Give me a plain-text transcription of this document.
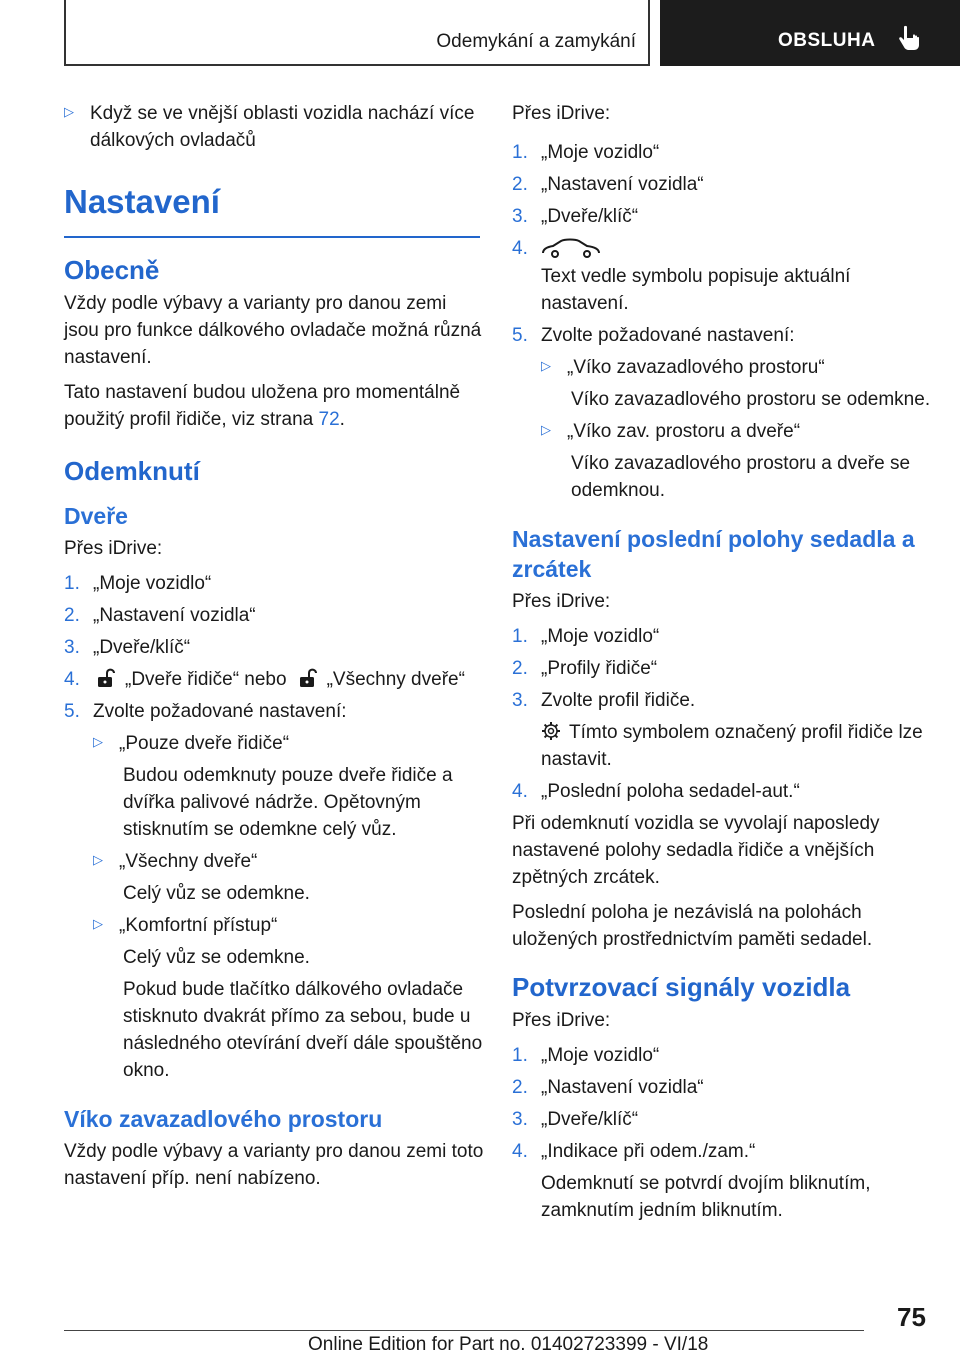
Odemykání a zamykání	OBSLUHA
▷ Když se ve vnější oblasti vozidla nachází více dálkových ovladačů
Nastavení
Obecně

Vždy podle výbavy a varianty pro danou zemi jsou pro funkce dálkového ovladače možná různá nastavení.

Tato nastavení budou uložena pro momentálně použitý profil řidiče, viz strana 72.

Odemknutí
Dveře

Přes iDrive:

1. „Moje vozidlo“
2. „Nastavení vozidla“
3. „Dveře/klíč“
4.	„Dveře řidiče“ nebo „Všechny dveře“
5. Zvolte požadované nastavení:
▷ „Pouze dveře řidiče“
Budou odemknuty pouze dveře řidiče a dvířka palivové nádrže. Opětovným stisknutím se odemkne celý vůz.
▷ „Všechny dveře“
Celý vůz se odemkne.
▷ „Komfortní přístup“
Celý vůz se odemkne.
Pokud bude tlačítko dálkového ovladače stisknuto dvakrát přímo za sebou, bude u následného otevírání dveří dále spouštěno okno.
Víko zavazadlového prostoru

Vždy podle výbavy a varianty pro danou zemi toto nastavení příp. není nabízeno.

Přes iDrive:

1. „Moje vozidlo“
2. „Nastavení vozidla“
3. „Dveře/klíč“
4.

Text vedle symbolu popisuje aktuální nastavení.
5. Zvolte požadované nastavení:
▷ „Víko zavazadlového prostoru“
Víko zavazadlového prostoru se odemkne.
▷ „Víko zav. prostoru a dveře“
Víko zavazadlového prostoru a dveře se odemknou.
Nastavení poslední polohy sedadla a zrcátek

Přes iDrive:

1. „Moje vozidlo“
2. „Profily řidiče“
3. Zvolte profil řidiče.
Tímto symbolem označený profil řidiče lze nastavit.
4. „Poslední poloha sedadel-aut.“

Při odemknutí vozidla se vyvolají naposledy nastavené polohy sedadla řidiče a vnějších zpětných zrcátek.

Poslední poloha je nezávislá na polohách uložených prostřednictvím paměti sedadel.

Potvrzovací signály vozidla

Přes iDrive:

1. „Moje vozidlo“
2. „Nastavení vozidla“
3. „Dveře/klíč“
4. „Indikace při odem./zam.“
Odemknutí se potvrdí dvojím bliknutím, zamknutím jedním bliknutím.
75
Online Edition for Part no. 01402723399 - VI/18
